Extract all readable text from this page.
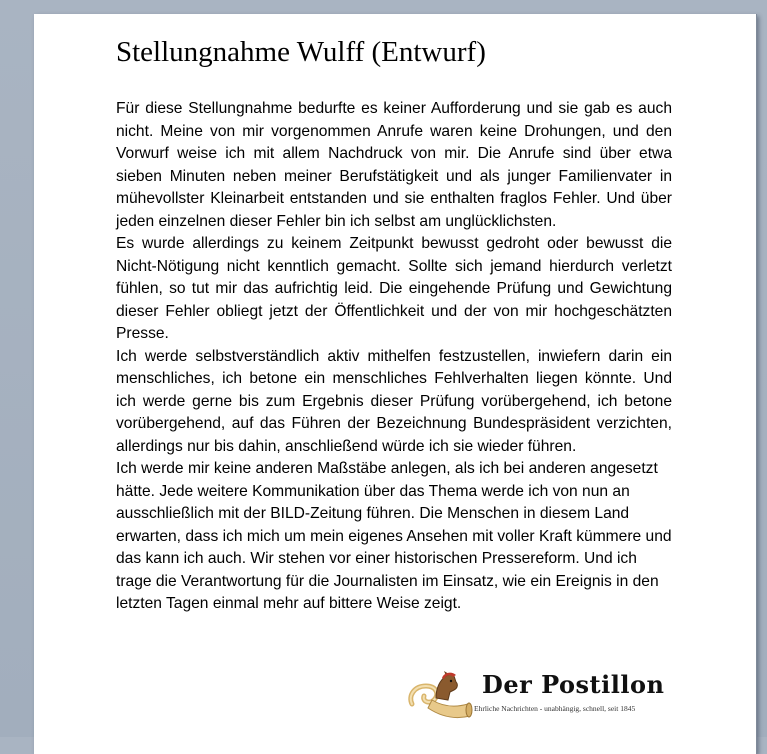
Stellungnahme Wulff (Entwurf)

Für diese Stellungnahme bedurfte es keiner Aufforderung und sie gab es auch nicht. Meine von mir vorgenommen Anrufe waren keine Drohungen, und den Vorwurf weise ich mit allem Nachdruck von mir. Die Anrufe sind über etwa sieben Minuten neben meiner Berufstätigkeit und als junger Familienvater in mühevollster Kleinarbeit entstanden und sie enthalten fraglos Fehler. Und über jeden einzelnen dieser Fehler bin ich selbst am unglücklichsten.

Es wurde allerdings zu keinem Zeitpunkt bewusst gedroht oder bewusst die Nicht-Nötigung nicht kenntlich gemacht. Sollte sich jemand hierdurch verletzt fühlen, so tut mir das aufrichtig leid. Die eingehende Prüfung und Gewichtung dieser Fehler obliegt jetzt der Öffentlichkeit und der von mir hochgeschätzten Presse.

Ich werde selbstverständlich aktiv mithelfen festzustellen, inwiefern darin ein menschliches, ich betone ein menschliches Fehlverhalten liegen könnte. Und ich werde gerne bis zum Ergebnis dieser Prüfung vorübergehend, ich betone vorübergehend, auf das Führen der Bezeichnung Bundespräsident verzichten, allerdings nur bis dahin, anschließend würde ich sie wieder führen.

Ich werde mir keine anderen Maßstäbe anlegen, als ich bei anderen angesetzt hätte. Jede weitere Kommunikation über das Thema werde ich von nun an ausschließlich mit der BILD-Zeitung führen. Die Menschen in diesem Land erwarten, dass ich mich um mein eigenes Ansehen mit voller Kraft kümmere und das kann ich auch. Wir stehen vor einer historischen Pressereform. Und ich trage die Verantwortung für die Journalisten im Einsatz, wie ein Ereignis in den letzten Tagen einmal mehr auf bittere Weise zeigt.

Der Postillon
Ehrliche Nachrichten - unabhängig, schnell, seit 1845
